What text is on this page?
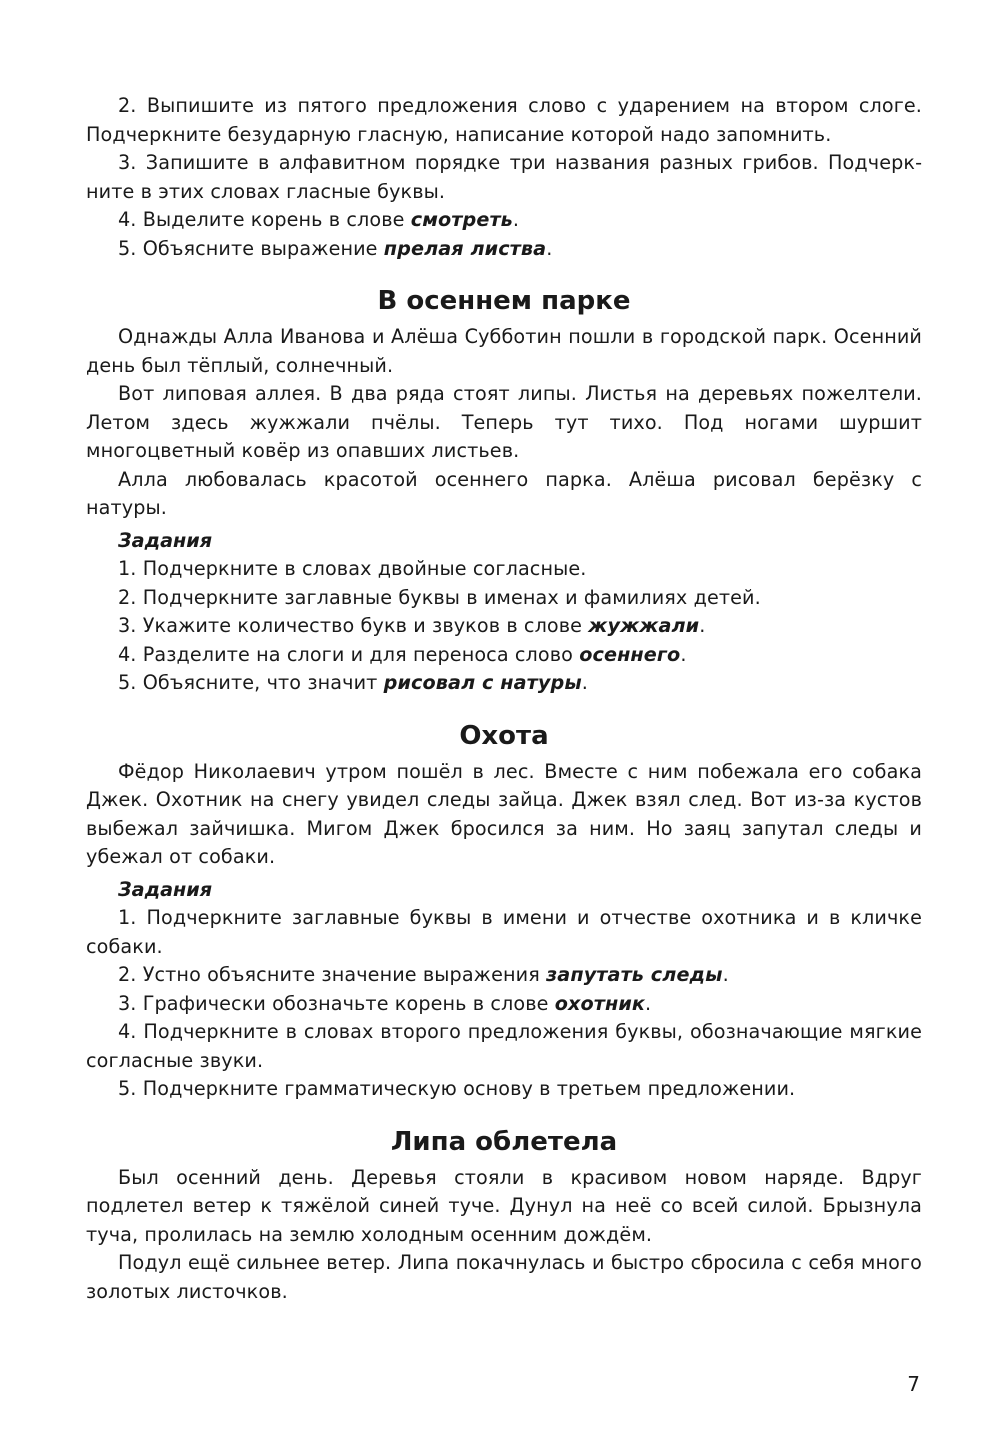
2. Выпишите из пятого предложения слово с ударением на втором слоге. Подчеркните безударную гласную, написание которой надо запомнить.

3. Запишите в алфавитном порядке три названия разных грибов. Подчеркните в этих словах гласные буквы.

4. Выделите корень в слове смотреть.

5. Объясните выражение прелая листва.

В осеннем парке

Однажды Алла Иванова и Алёша Субботин пошли в городской парк. Осенний день был тёплый, солнечный.

Вот липовая аллея. В два ряда стоят липы. Листья на деревьях пожелтели. Летом здесь жужжали пчёлы. Теперь тут тихо. Под ногами шуршит многоцветный ковёр из опавших листьев.

Алла любовалась красотой осеннего парка. Алёша рисовал берёзку с натуры.

Задания

1. Подчеркните в словах двойные согласные.

2. Подчеркните заглавные буквы в именах и фамилиях детей.

3. Укажите количество букв и звуков в слове жужжали.

4. Разделите на слоги и для переноса слово осеннего.

5. Объясните, что значит рисовал с натуры.

Охота

Фёдор Николаевич утром пошёл в лес. Вместе с ним побежала его собака Джек. Охотник на снегу увидел следы зайца. Джек взял след. Вот из-за кустов выбежал зайчишка. Мигом Джек бросился за ним. Но заяц запутал следы и убежал от собаки.

Задания

1. Подчеркните заглавные буквы в имени и отчестве охотника и в кличке собаки.

2. Устно объясните значение выражения запутать следы.

3. Графически обозначьте корень в слове охотник.

4. Подчеркните в словах второго предложения буквы, обозначающие мягкие согласные звуки.

5. Подчеркните грамматическую основу в третьем предложении.

Липа облетела

Был осенний день. Деревья стояли в красивом новом наряде. Вдруг подлетел ветер к тяжёлой синей туче. Дунул на неё со всей силой. Брызнула туча, пролилась на землю холодным осенним дождём.

Подул ещё сильнее ветер. Липа покачнулась и быстро сбросила с себя много золотых листочков.

7
